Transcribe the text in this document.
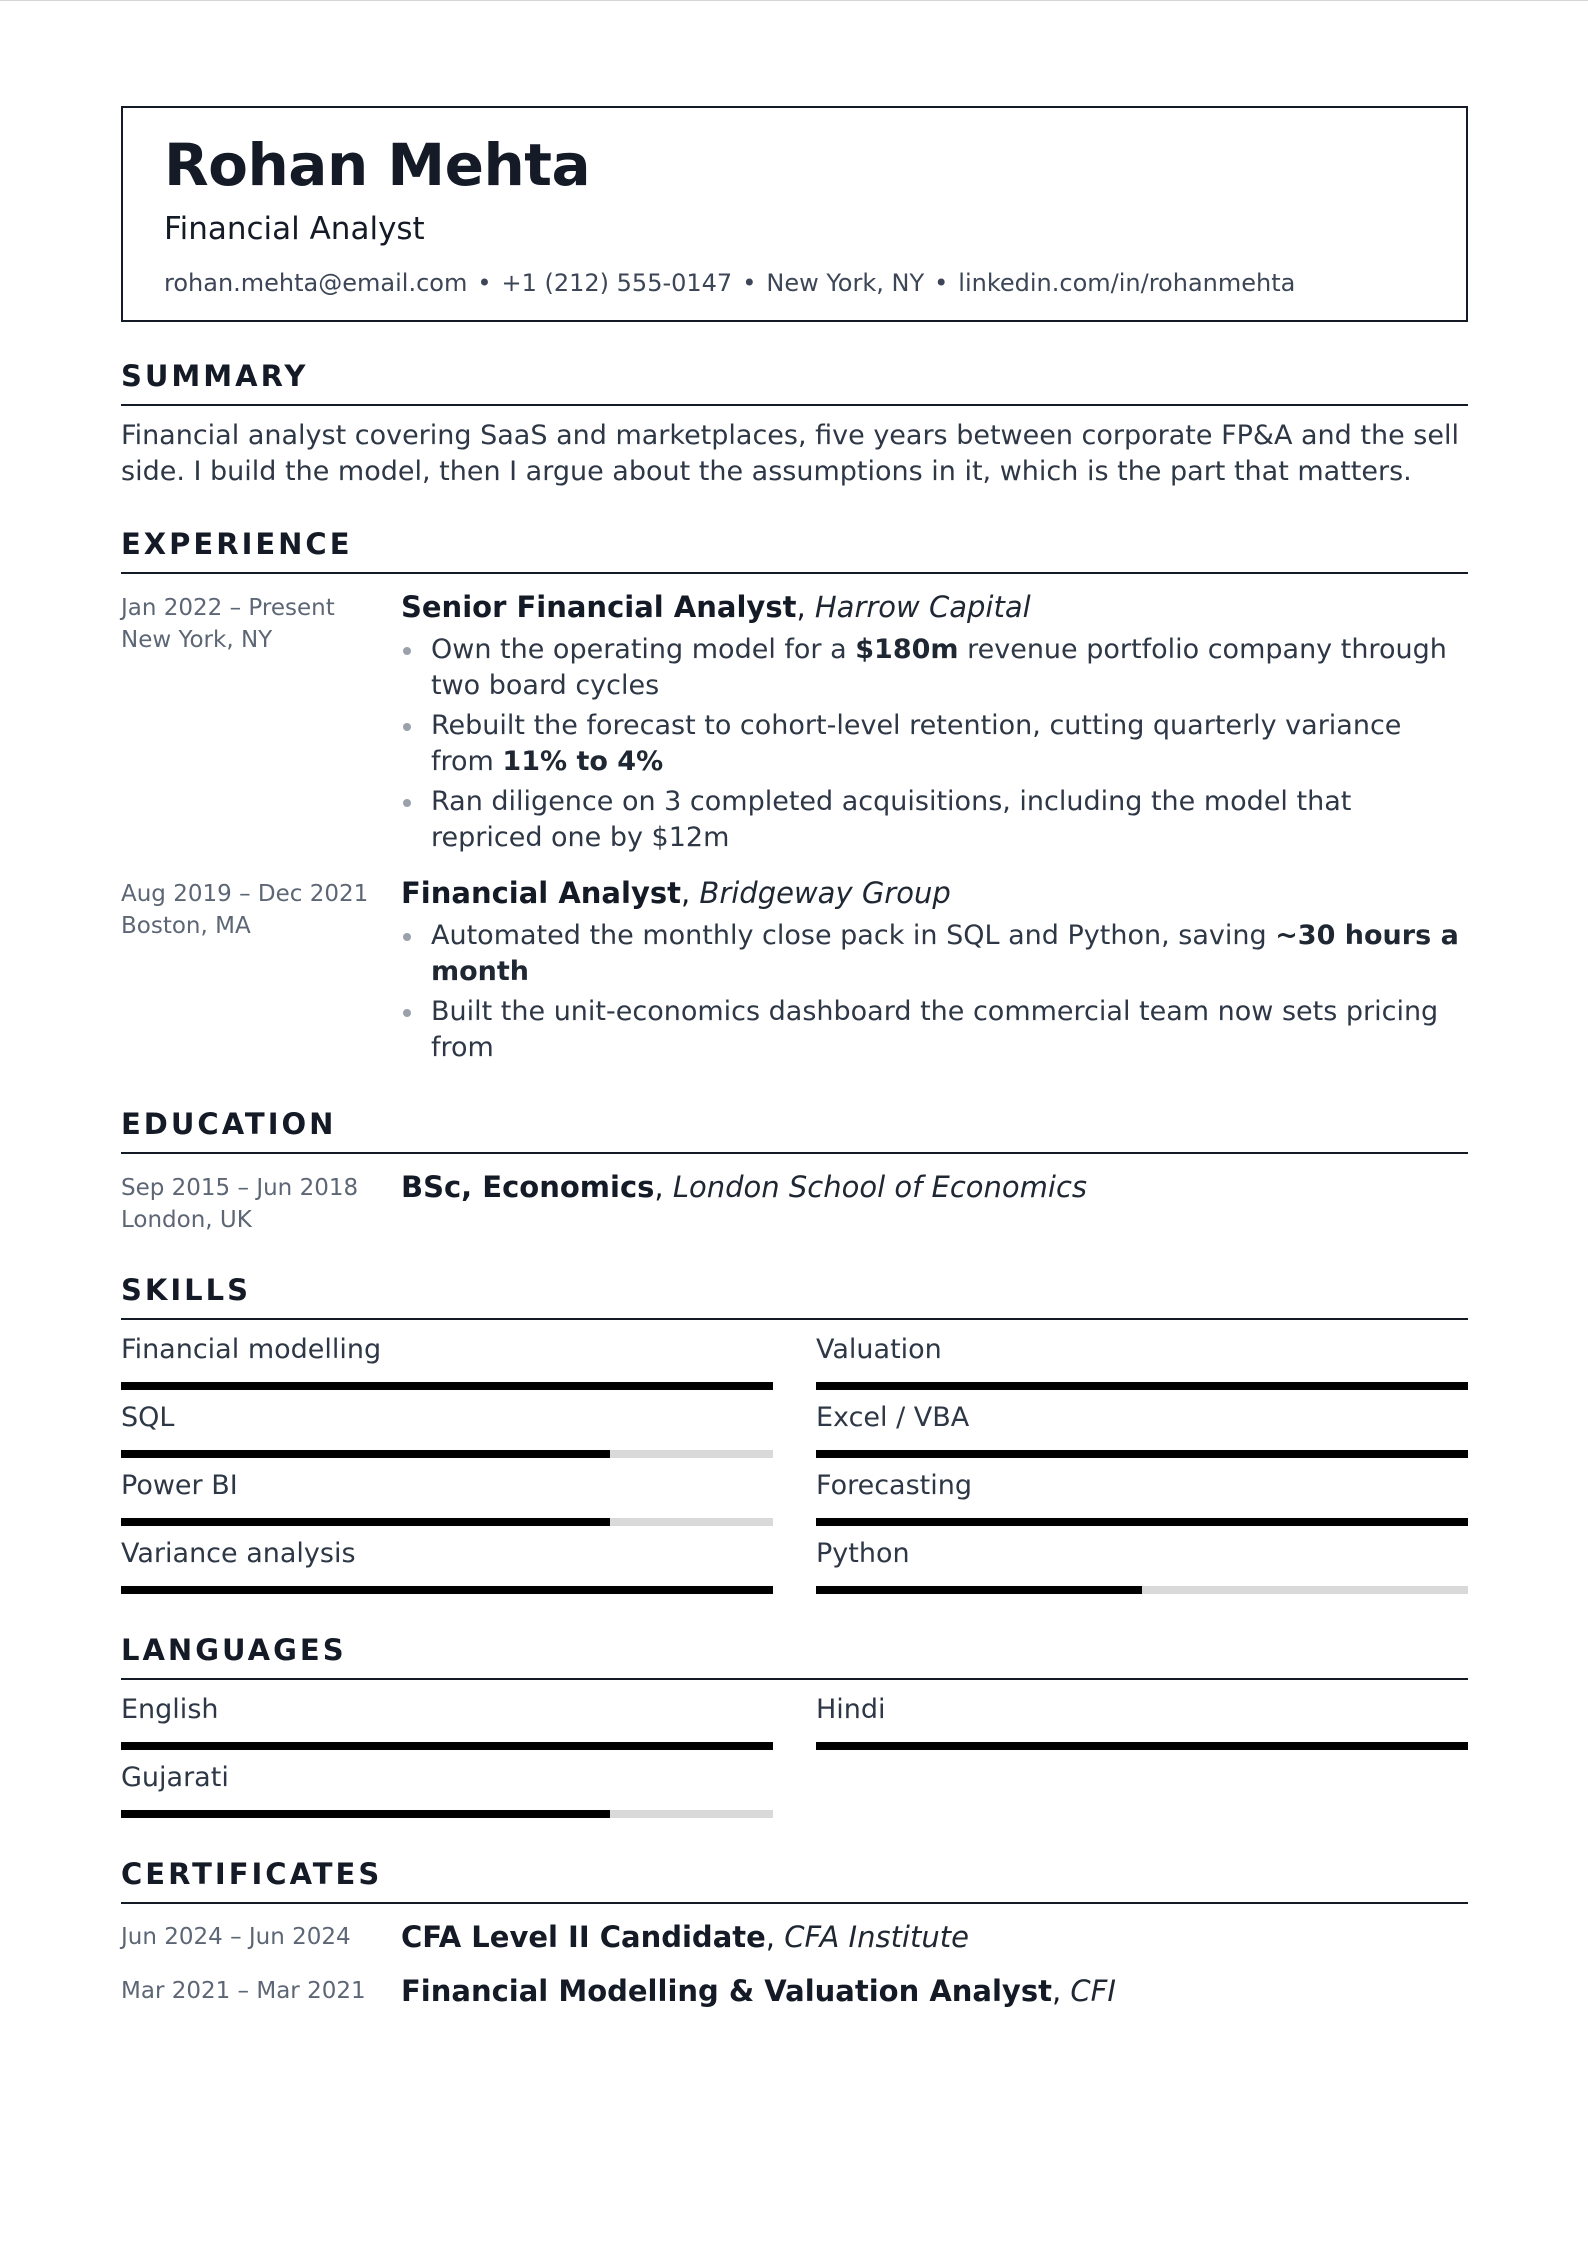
Rohan Mehta
Financial Analyst
rohan.mehta@email.com • +1 (212) 555-0147 • New York, NY • linkedin.com/in/rohanmehta
SUMMARY
Financial analyst covering SaaS and marketplaces, five years between corporate FP&A and the sell side. I build the model, then I argue about the assumptions in it, which is the part that matters.
EXPERIENCE
Jan 2022 – Present
New York, NY
Senior Financial Analyst, Harrow Capital
Own the operating model for a $180m revenue portfolio company through two board cycles
Rebuilt the forecast to cohort-level retention, cutting quarterly variance from 11% to 4%
Ran diligence on 3 completed acquisitions, including the model that repriced one by $12m
Aug 2019 – Dec 2021
Boston, MA
Financial Analyst, Bridgeway Group
Automated the monthly close pack in SQL and Python, saving ~30 hours a month
Built the unit-economics dashboard the commercial team now sets pricing from
EDUCATION
Sep 2015 – Jun 2018
London, UK
BSc, Economics, London School of Economics
SKILLS
Financial modelling	Valuation
SQL	Excel / VBA
Power BI	Forecasting
Variance analysis	Python
LANGUAGES
English	Hindi
Gujarati
CERTIFICATES
Jun 2024 – Jun 2024	CFA Level II Candidate, CFA Institute
Mar 2021 – Mar 2021	Financial Modelling & Valuation Analyst, CFI
